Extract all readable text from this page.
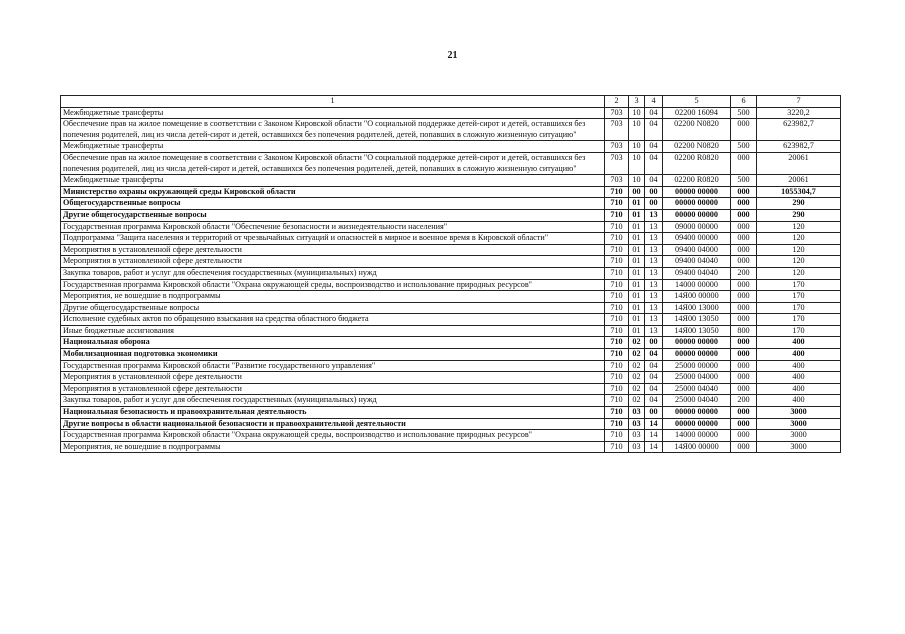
21
1	2	3	4	5	6	7
Межбюджетные трансферты	703	10	04	02200 16094	500	3220,2
Обеспечение прав на жилое помещение в соответствии с Законом Кировской области "О социальной поддержке детей-сирот и детей, оставшихся без попечения родителей, лиц из числа детей-сирот и детей, оставшихся без попечения родителей, детей, попавших в сложную жизненную ситуацию"	703	10	04	02200 N0820	000	623982,7
Межбюджетные трансферты	703	10	04	02200 N0820	500	623982,7
Обеспечение прав на жилое помещение в соответствии с Законом Кировской области "О социальной поддержке детей-сирот и детей, оставшихся без попечения родителей, лиц из числа детей-сирот и детей, оставшихся без попечения родителей, детей, попавших в сложную жизненную ситуацию"	703	10	04	02200 R0820	000	20061
Межбюджетные трансферты	703	10	04	02200 R0820	500	20061
Министерство охраны окружающей среды Кировской области	710	00	00	00000 00000	000	1055304,7
Общегосударственные вопросы	710	01	00	00000 00000	000	290
Другие общегосударственные вопросы	710	01	13	00000 00000	000	290
Государственная программа Кировской области "Обеспечение безопасности и жизнедеятельности населения"	710	01	13	09000 00000	000	120
Подпрограмма "Защита населения и территорий от чрезвычайных ситуаций и опасностей в мирное и военное время в Кировской области"	710	01	13	09400 00000	000	120
Мероприятия в установленной сфере деятельности	710	01	13	09400 04000	000	120
Мероприятия в установленной сфере деятельности	710	01	13	09400 04040	000	120
Закупка товаров, работ и услуг для обеспечения государственных (муниципальных) нужд	710	01	13	09400 04040	200	120
Государственная программа Кировской области "Охрана окружающей среды, воспроизводство и использование природных ресурсов"	710	01	13	14000 00000	000	170
Мероприятия, не вошедшие в подпрограммы	710	01	13	14Я00 00000	000	170
Другие общегосударственные вопросы	710	01	13	14Я00 13000	000	170
Исполнение судебных актов по обращению взыскания на средства областного бюджета	710	01	13	14Я00 13050	000	170
Иные бюджетные ассигнования	710	01	13	14Я00 13050	800	170
Национальная оборона	710	02	00	00000 00000	000	400
Мобилизационная подготовка экономики	710	02	04	00000 00000	000	400
Государственная программа Кировской области "Развитие государственного управления"	710	02	04	25000 00000	000	400
Мероприятия в установленной сфере деятельности	710	02	04	25000 04000	000	400
Мероприятия в установленной сфере деятельности	710	02	04	25000 04040	000	400
Закупка товаров, работ и услуг для обеспечения государственных (муниципальных) нужд	710	02	04	25000 04040	200	400
Национальная безопасность и правоохранительная деятельность	710	03	00	00000 00000	000	3000
Другие вопросы в области национальной безопасности и правоохранительной деятельности	710	03	14	00000 00000	000	3000
Государственная программа Кировской области "Охрана окружающей среды, воспроизводство и использование природных ресурсов"	710	03	14	14000 00000	000	3000
Мероприятия, не вошедшие в подпрограммы	710	03	14	14Я00 00000	000	3000
